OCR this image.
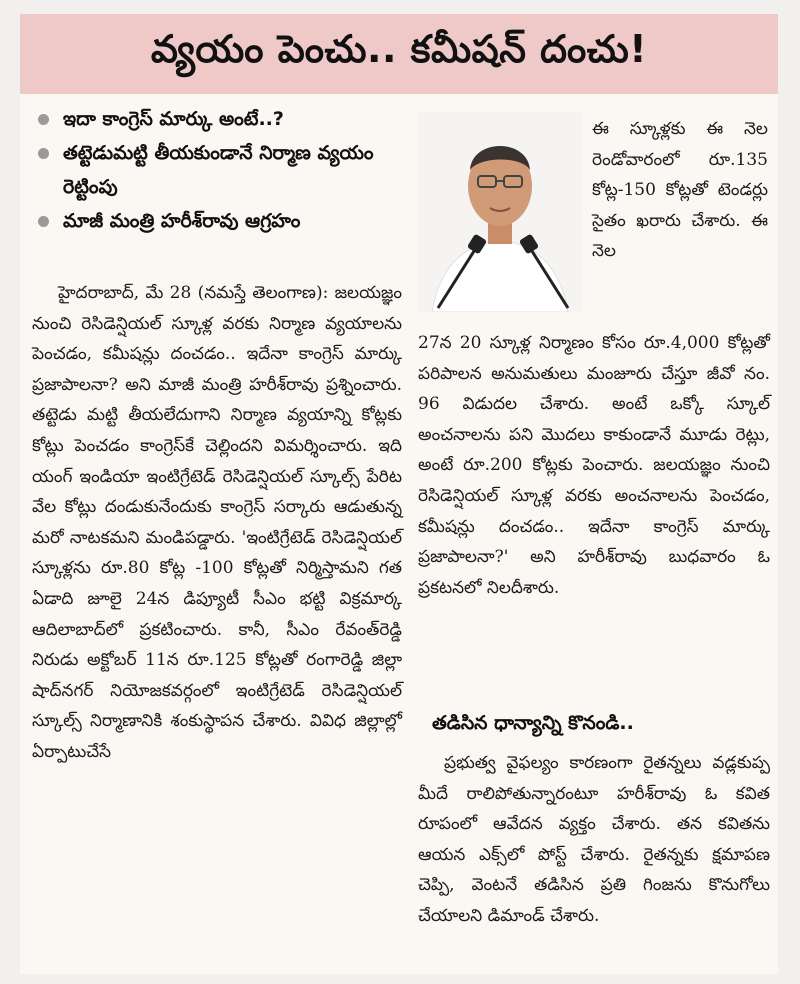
వ్యయం పెంచు.. కమీషన్ దంచు!
ఇదా కాంగ్రెస్ మార్కు అంటే..?
తట్టెడుమట్టి తీయకుండానే నిర్మాణ వ్యయం రెట్టింపు
మాజీ మంత్రి హరీశ్‌రావు ఆగ్రహం

హైదరాబాద్, మే 28 (నమస్తే తెలంగాణ): జలయజ్ఞం నుంచి రెసిడెన్షియల్ స్కూళ్ల వరకు నిర్మాణ వ్యయాలను పెంచడం, కమీషన్లు దంచడం.. ఇదేనా కాంగ్రెస్ మార్కు ప్రజాపాలనా? అని మాజీ మంత్రి హరీశ్‌రావు ప్రశ్నించారు. తట్టెడు మట్టి తీయలేదుగాని నిర్మాణ వ్యయాన్ని కోట్లకు కోట్లు పెంచడం కాంగ్రెస్‌కే చెల్లిందని విమర్శించారు. ఇది యంగ్ ఇండియా ఇంటిగ్రేటెడ్ రెసిడెన్షియల్ స్కూల్స్ పేరిట వేల కోట్లు దండుకునేందుకు కాంగ్రెస్ సర్కారు ఆడుతున్న మరో నాటకమని మండిపడ్డారు. 'ఇంటిగ్రేటెడ్ రెసిడెన్షియల్ స్కూళ్లను రూ.80 కోట్ల -100 కోట్లతో నిర్మిస్తామని గత ఏడాది జూలై 24న డిప్యూటీ సీఎం భట్టి విక్రమార్క ఆదిలాబాద్‌లో ప్రకటించారు. కానీ, సీఎం రేవంత్‌రెడ్డి నిరుడు అక్టోబర్ 11న రూ.125 కోట్లతో రంగారెడ్డి జిల్లా షాద్‌నగర్ నియోజకవర్గంలో ఇంటిగ్రేటెడ్ రెసిడెన్షియల్ స్కూల్స్ నిర్మాణానికి శంకుస్థాపన చేశారు. వివిధ జిల్లాల్లో ఏర్పాటుచేసే

ఈ స్కూళ్లకు ఈ నెల రెండోవారంలో రూ.135 కోట్ల-150 కోట్లతో టెండర్లు సైతం ఖరారు చేశారు. ఈ నెల

27న 20 స్కూళ్ల నిర్మాణం కోసం రూ.4,000 కోట్లతో పరిపాలన అనుమతులు మంజూరు చేస్తూ జీవో నం. 96 విడుదల చేశారు. అంటే ఒక్కో స్కూల్ అంచనాలను పని మొదలు కాకుండానే మూడు రెట్లు, అంటే రూ.200 కోట్లకు పెంచారు. జలయజ్ఞం నుంచి రెసిడెన్షియల్ స్కూళ్ల వరకు అంచనాలను పెంచడం, కమీషన్లు దంచడం.. ఇదేనా కాంగ్రెస్ మార్కు ప్రజాపాలనా?' అని హరీశ్‌రావు బుధవారం ఓ ప్రకటనలో నిలదీశారు.

తడిసిన ధాన్యాన్ని కొనండి..

ప్రభుత్వ వైఫల్యం కారణంగా రైతన్నలు వడ్లకుప్ప మీదే రాలిపోతున్నారంటూ హరీశ్‌రావు ఓ కవిత రూపంలో ఆవేదన వ్యక్తం చేశారు. తన కవితను ఆయన ఎక్స్‌లో పోస్ట్ చేశారు. రైతన్నకు క్షమాపణ చెప్పి, వెంటనే తడిసిన ప్రతి గింజను కొనుగోలు చేయాలని డిమాండ్ చేశారు.
